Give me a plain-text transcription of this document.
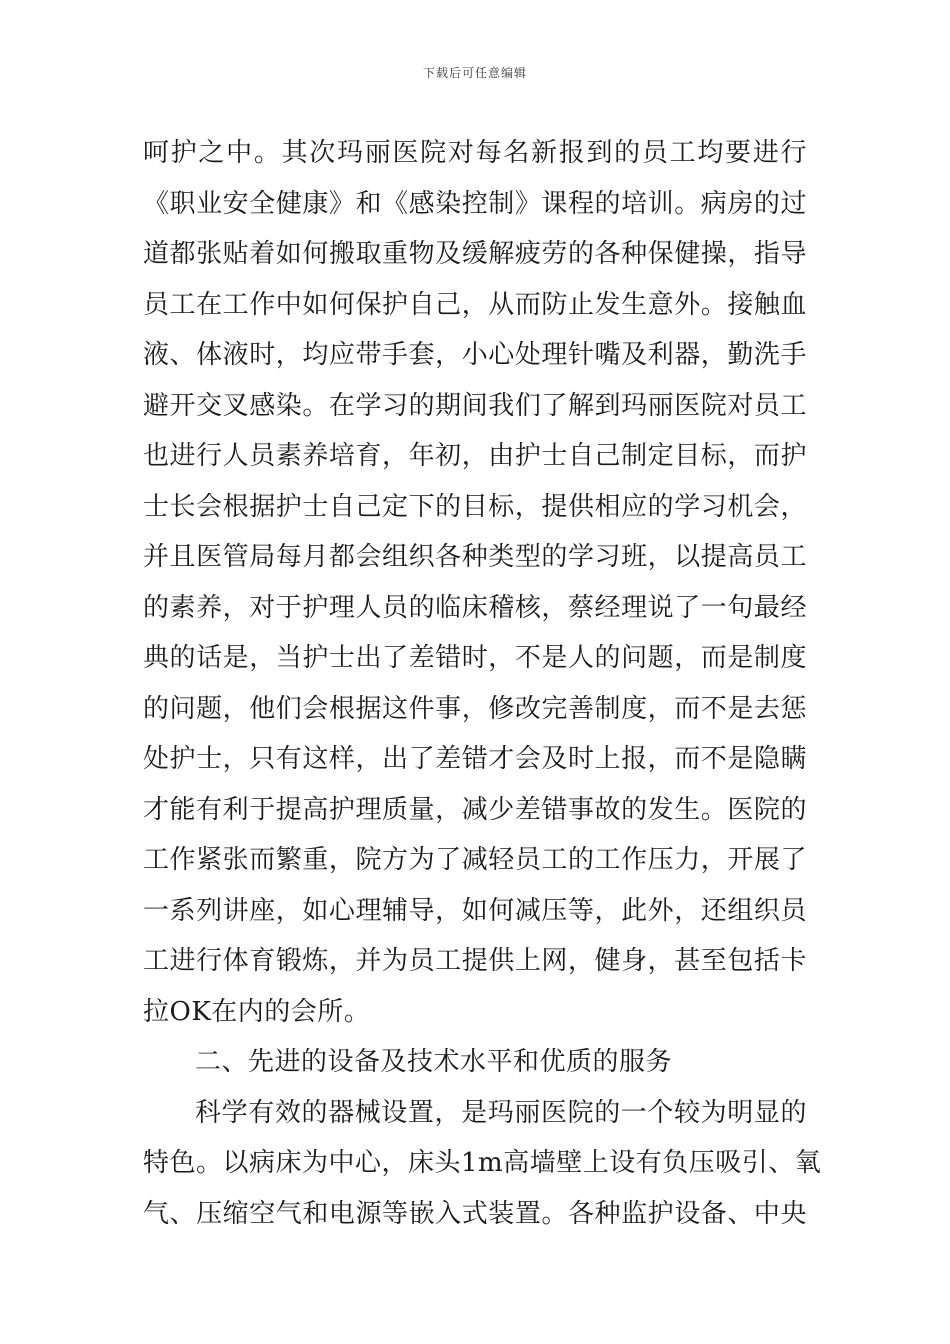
下载后可任意编辑
呵护之中。其次玛丽医院对每名新报到的员工均要进行
《职业安全健康》和《感染控制》课程的培训。病房的过
道都张贴着如何搬取重物及缓解疲劳的各种保健操，指导
员工在工作中如何保护自己，从而防止发生意外。接触血
液、体液时，均应带手套，小心处理针嘴及利器，勤洗手
避开交叉感染。在学习的期间我们了解到玛丽医院对员工
也进行人员素养培育，年初，由护士自己制定目标，而护
士长会根据护士自己定下的目标，提供相应的学习机会，
并且医管局每月都会组织各种类型的学习班，以提高员工
的素养，对于护理人员的临床稽核，蔡经理说了一句最经
典的话是，当护士出了差错时，不是人的问题，而是制度
的问题，他们会根据这件事，修改完善制度，而不是去惩
处护士，只有这样，出了差错才会及时上报，而不是隐瞒
才能有利于提高护理质量，减少差错事故的发生。医院的
工作紧张而繁重，院方为了减轻员工的工作压力，开展了
一系列讲座，如心理辅导，如何减压等，此外，还组织员
工进行体育锻炼，并为员工提供上网，健身，甚至包括卡
拉OK在内的会所。
二、先进的设备及技术水平和优质的服务
科学有效的器械设置，是玛丽医院的一个较为明显的
特色。以病床为中心，床头1m高墙壁上设有负压吸引、氧
气、压缩空气和电源等嵌入式装置。各种监护设备、中央
